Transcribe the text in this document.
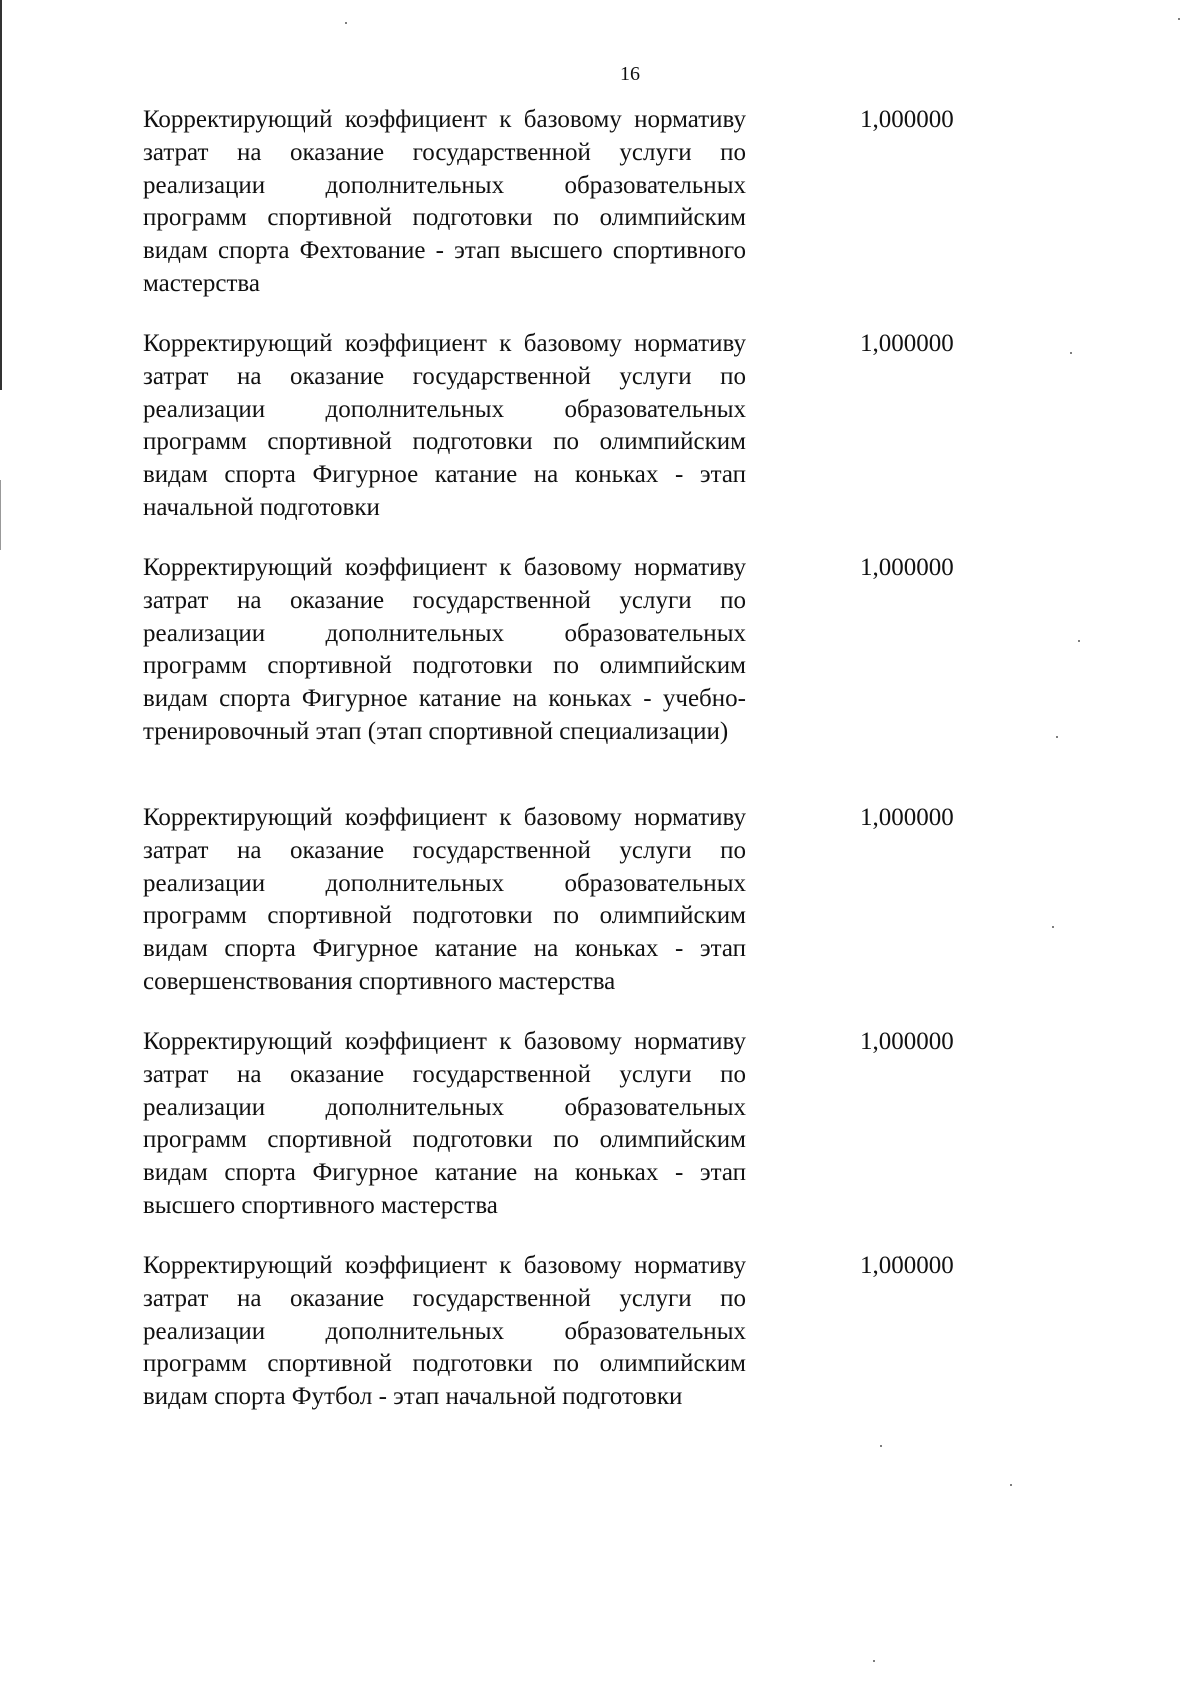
16

Корректирующий коэффициент к базовому нормативу затрат на оказание государственной услуги по реализации дополнительных образовательных программ спортивной подготовки по олимпийским видам спорта Фехтование - этап высшего спортивного мастерства

1,000000

Корректирующий коэффициент к базовому нормативу затрат на оказание государственной услуги по реализации дополнительных образовательных программ спортивной подготовки по олимпийским видам спорта Фигурное катание на коньках - этап начальной подготовки

1,000000

Корректирующий коэффициент к базовому нормативу затрат на оказание государственной услуги по реализации дополнительных образовательных программ спортивной подготовки по олимпийским видам спорта Фигурное катание на коньках - учебно-тренировочный этап (этап спортивной специализации)

1,000000

Корректирующий коэффициент к базовому нормативу затрат на оказание государственной услуги по реализации дополнительных образовательных программ спортивной подготовки по олимпийским видам спорта Фигурное катание на коньках - этап совершенствования спортивного мастерства

1,000000

Корректирующий коэффициент к базовому нормативу затрат на оказание государственной услуги по реализации дополнительных образовательных программ спортивной подготовки по олимпийским видам спорта Фигурное катание на коньках - этап высшего спортивного мастерства

1,000000

Корректирующий коэффициент к базовому нормативу затрат на оказание государственной услуги по реализации дополнительных образовательных программ спортивной подготовки по олимпийским видам спорта Футбол - этап начальной подготовки

1,000000
